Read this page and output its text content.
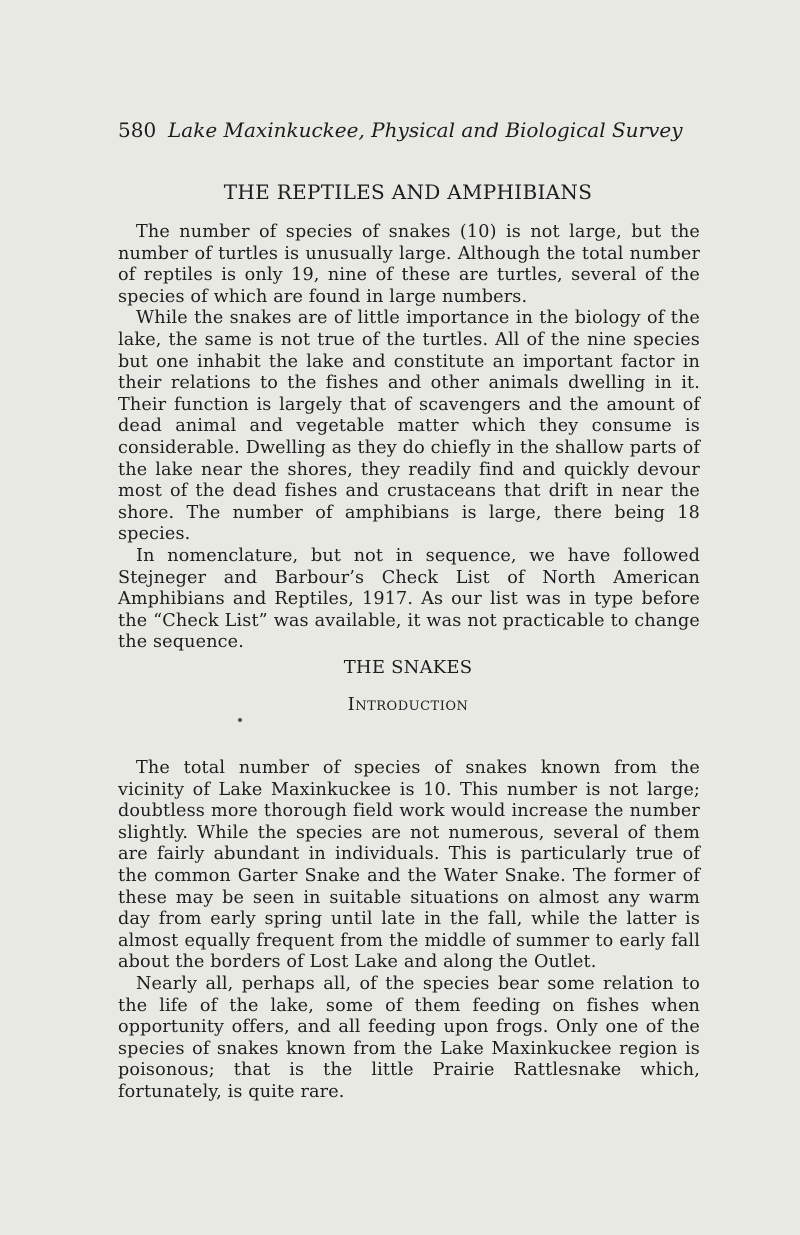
580 Lake Maxinkuckee, Physical and Biological Survey
THE REPTILES AND AMPHIBIANS

The number of species of snakes (10) is not large, but the number of turtles is unusually large. Although the total number of reptiles is only 19, nine of these are turtles, several of the species of which are found in large numbers.

While the snakes are of little importance in the biology of the lake, the same is not true of the turtles. All of the nine species but one inhabit the lake and constitute an important factor in their relations to the fishes and other animals dwelling in it. Their function is largely that of scavengers and the amount of dead animal and vegetable matter which they consume is considerable. Dwelling as they do chiefly in the shallow parts of the lake near the shores, they readily find and quickly devour most of the dead fishes and crustaceans that drift in near the shore. The number of amphibians is large, there being 18 species.

In nomenclature, but not in sequence, we have followed Stejneger and Barbour’s Check List of North American Amphibians and Reptiles, 1917. As our list was in type before the “Check List” was available, it was not practicable to change the sequence.

THE SNAKES
Introduction

The total number of species of snakes known from the vicinity of Lake Maxinkuckee is 10. This number is not large; doubtless more thorough field work would increase the number slightly. While the species are not numerous, several of them are fairly abundant in individuals. This is particularly true of the common Garter Snake and the Water Snake. The former of these may be seen in suitable situations on almost any warm day from early spring until late in the fall, while the latter is almost equally frequent from the middle of summer to early fall about the borders of Lost Lake and along the Outlet.

Nearly all, perhaps all, of the species bear some relation to the life of the lake, some of them feeding on fishes when opportunity offers, and all feeding upon frogs. Only one of the species of snakes known from the Lake Maxinkuckee region is poisonous; that is the little Prairie Rattlesnake which, fortunately, is quite rare.
